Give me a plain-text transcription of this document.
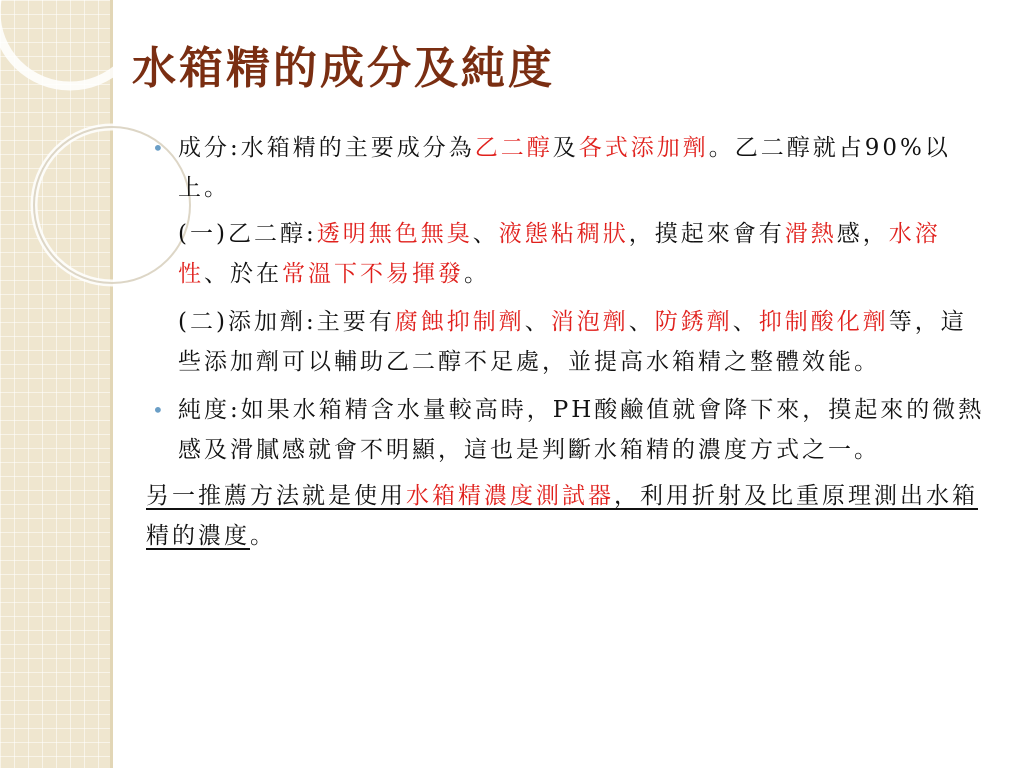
水箱精的成分及純度
• 成分:水箱精的主要成分為乙二醇及各式添加劑。乙二醇就占90%以上。
(一)乙二醇:透明無色無臭、液態粘稠狀，摸起來會有滑熱感，水溶性、於在常溫下不易揮發。
(二)添加劑:主要有腐蝕抑制劑、消泡劑、防銹劑、抑制酸化劑等，這些添加劑可以輔助乙二醇不足處，並提高水箱精之整體效能。
• 純度:如果水箱精含水量較高時，PH酸鹼值就會降下來，摸起來的微熱感及滑膩感就會不明顯，這也是判斷水箱精的濃度方式之一。
另一推薦方法就是使用水箱精濃度測試器，利用折射及比重原理測出水箱精的濃度。
